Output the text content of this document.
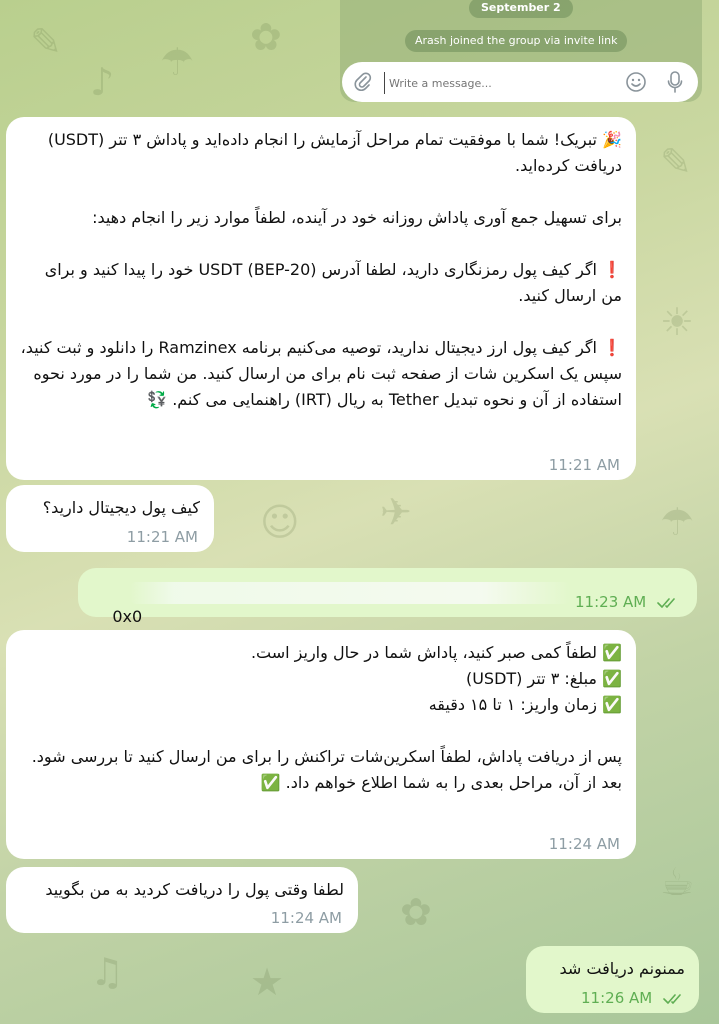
✎	☂
✿
♪
✎
☀
✈
☺	☂
✿
♫	★
☕
September 2
Arash joined the group via invite link
Write a message...
🎉 تبریک! شما با موفقیت تمام مراحل آزمایش را انجام داده‌اید و پاداش ۳ تتر (USDT) دریافت کرده‌اید.

برای تسهیل جمع آوری پاداش روزانه خود در آینده، لطفاً موارد زیر را انجام دهید:

❗ اگر کیف پول رمزنگاری دارید، لطفا آدرس USDT (BEP-20) خود را پیدا کنید و برای من ارسال کنید.

❗ اگر کیف پول ارز دیجیتال ندارید، توصیه می‌کنیم برنامه Ramzinex را دانلود و ثبت کنید، سپس یک اسکرین شات از صفحه ثبت نام برای من ارسال کنید. من شما را در مورد نحوه استفاده از آن و نحوه تبدیل Tether به ریال (IRT) راهنمایی می کنم. 💱
11:21 AM
کیف پول دیجیتال دارید؟
11:21 AM

0x0

11:23 AM
✅ لطفاً کمی صبر کنید، پاداش شما در حال واریز است.
✅ مبلغ: ۳ تتر (USDT)
✅ زمان واریز: ۱ تا ۱۵ دقیقه

پس از دریافت پاداش، لطفاً اسکرین‌شات تراکنش را برای من ارسال کنید تا بررسی شود.
بعد از آن، مراحل بعدی را به شما اطلاع خواهم داد. ✅
11:24 AM
لطفا وقتی پول را دریافت کردید به من بگویید
11:24 AM
ممنونم دریافت شد
11:26 AM
